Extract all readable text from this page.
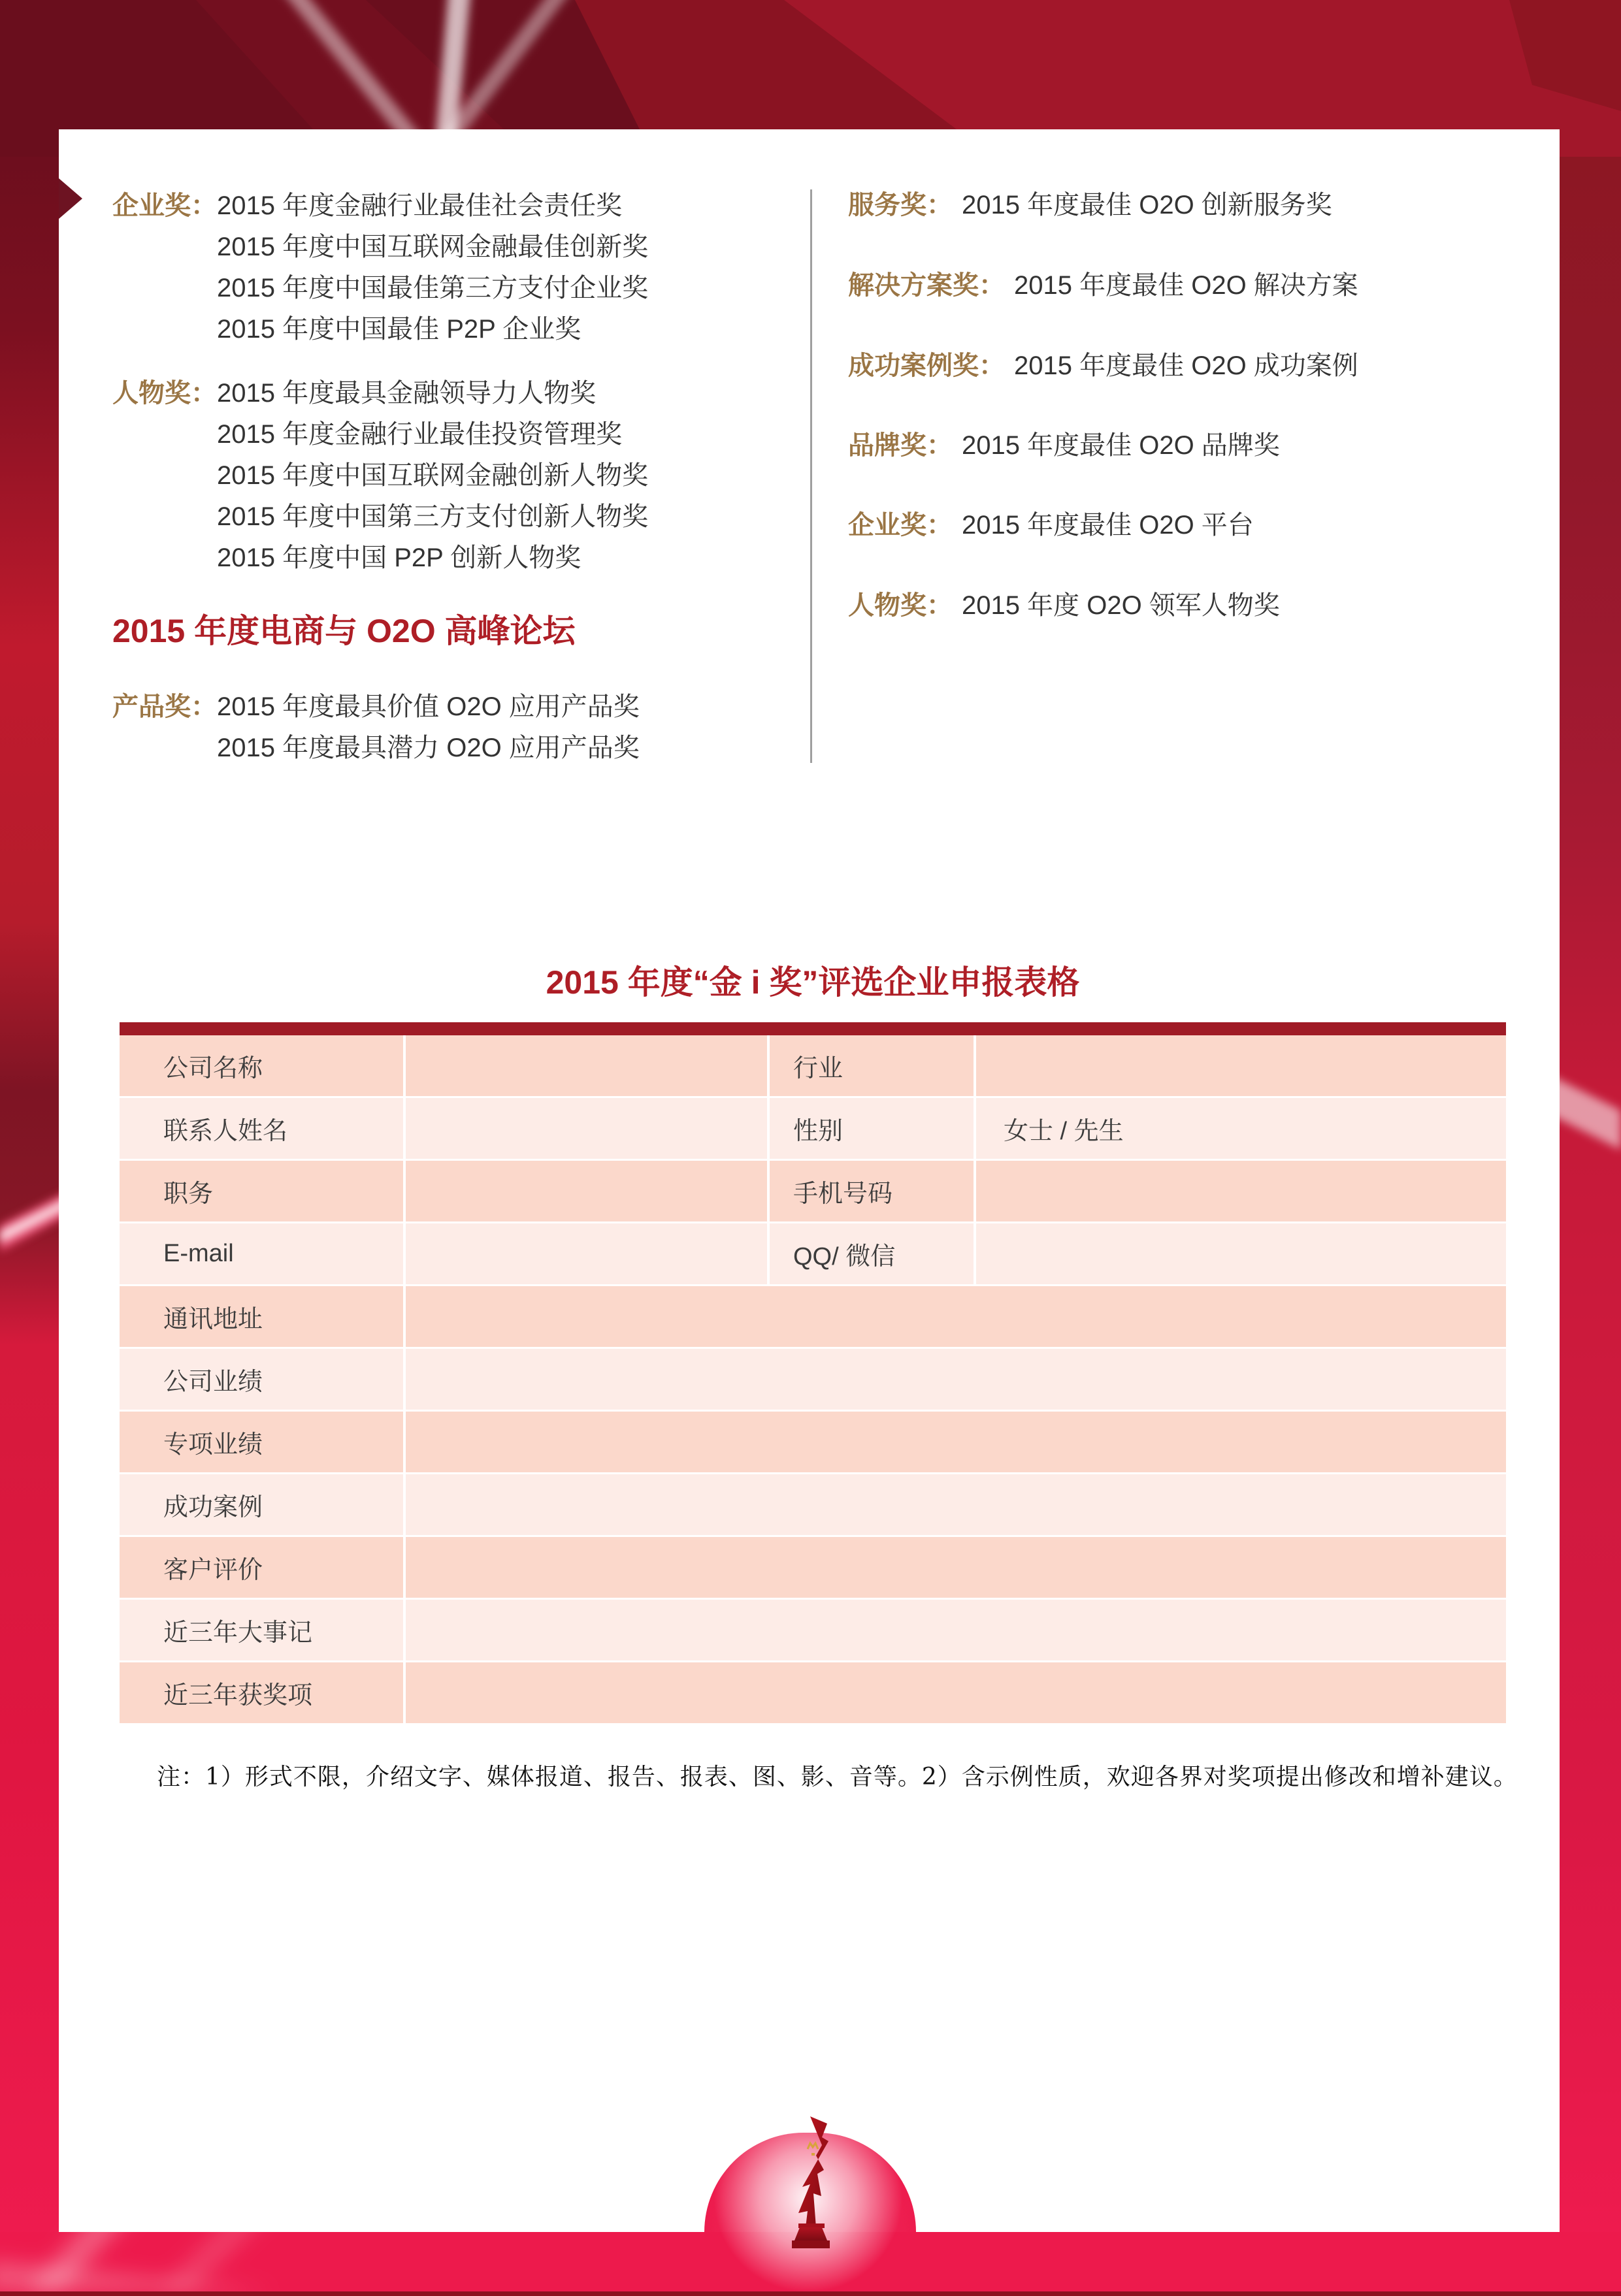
企业奖： 2015 年度金融行业最佳社会责任奖
2015 年度中国互联网金融最佳创新奖
2015 年度中国最佳第三方支付企业奖
2015 年度中国最佳 P2P 企业奖
人物奖： 2015 年度最具金融领导力人物奖
2015 年度金融行业最佳投资管理奖
2015 年度中国互联网金融创新人物奖
2015 年度中国第三方支付创新人物奖
2015 年度中国 P2P 创新人物奖
2015 年度电商与 O2O 高峰论坛
产品奖： 2015 年度最具价值 O2O 应用产品奖
2015 年度最具潜力 O2O 应用产品奖
服务奖： 2015 年度最佳 O2O 创新服务奖
解决方案奖： 2015 年度最佳 O2O 解决方案
成功案例奖： 2015 年度最佳 O2O 成功案例
品牌奖： 2015 年度最佳 O2O 品牌奖
企业奖： 2015 年度最佳 O2O 平台
人物奖： 2015 年度 O2O 领军人物奖
2015 年度“金 i 奖”评选企业申报表格
公司名称	行业
联系人姓名	性别	女士 / 先生
职务	手机号码
E-mail	QQ/ 微信
通讯地址
公司业绩
专项业绩
成功案例
客户评价
近三年大事记
近三年获奖项
注：1）形式不限，介绍文字、媒体报道、报告、报表、图、影、音等。2）含示例性质，欢迎各界对奖项提出修改和增补建议。
